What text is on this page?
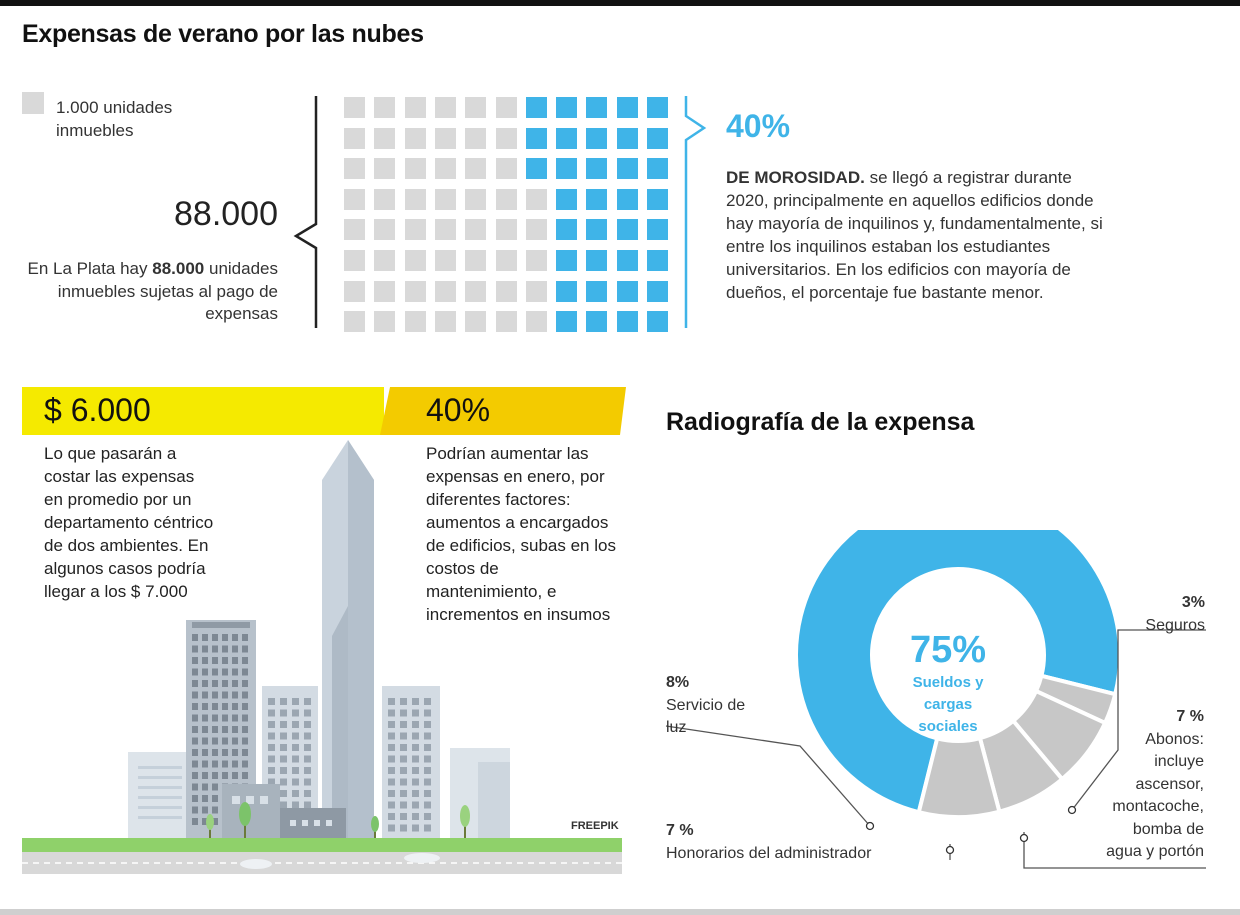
Expensas de verano por las nubes
1.000 unidades inmuebles
88.000
En La Plata hay 88.000 unidades inmuebles sujetas al pago de expensas
40%
DE MOROSIDAD. se llegó a registrar durante 2020, principalmente en aquellos edificios donde hay mayoría de inquilinos y, fundamentalmente, si entre los inquilinos estaban los estudiantes universitarios. En los edificios con mayoría de dueños, el porcentaje fue bastante menor.
$ 6.000	40%
FREEPIK
Lo que pasarán a costar las expensas en promedio por un departamento céntrico de dos ambientes. En algunos casos podría llegar a los $ 7.000
Podrían aumentar las expensas en enero, por diferentes factores: aumentos a encargados de edificios, subas en los costos de mantenimiento, e incrementos en insumos
Radiografía de la expensa
75%
Sueldos y cargas sociales
3%
Seguros
7 %
Abonos: incluye ascensor, montacoche, bomba de agua y portón
8%
Servicio de luz
7 %
Honorarios del administrador
